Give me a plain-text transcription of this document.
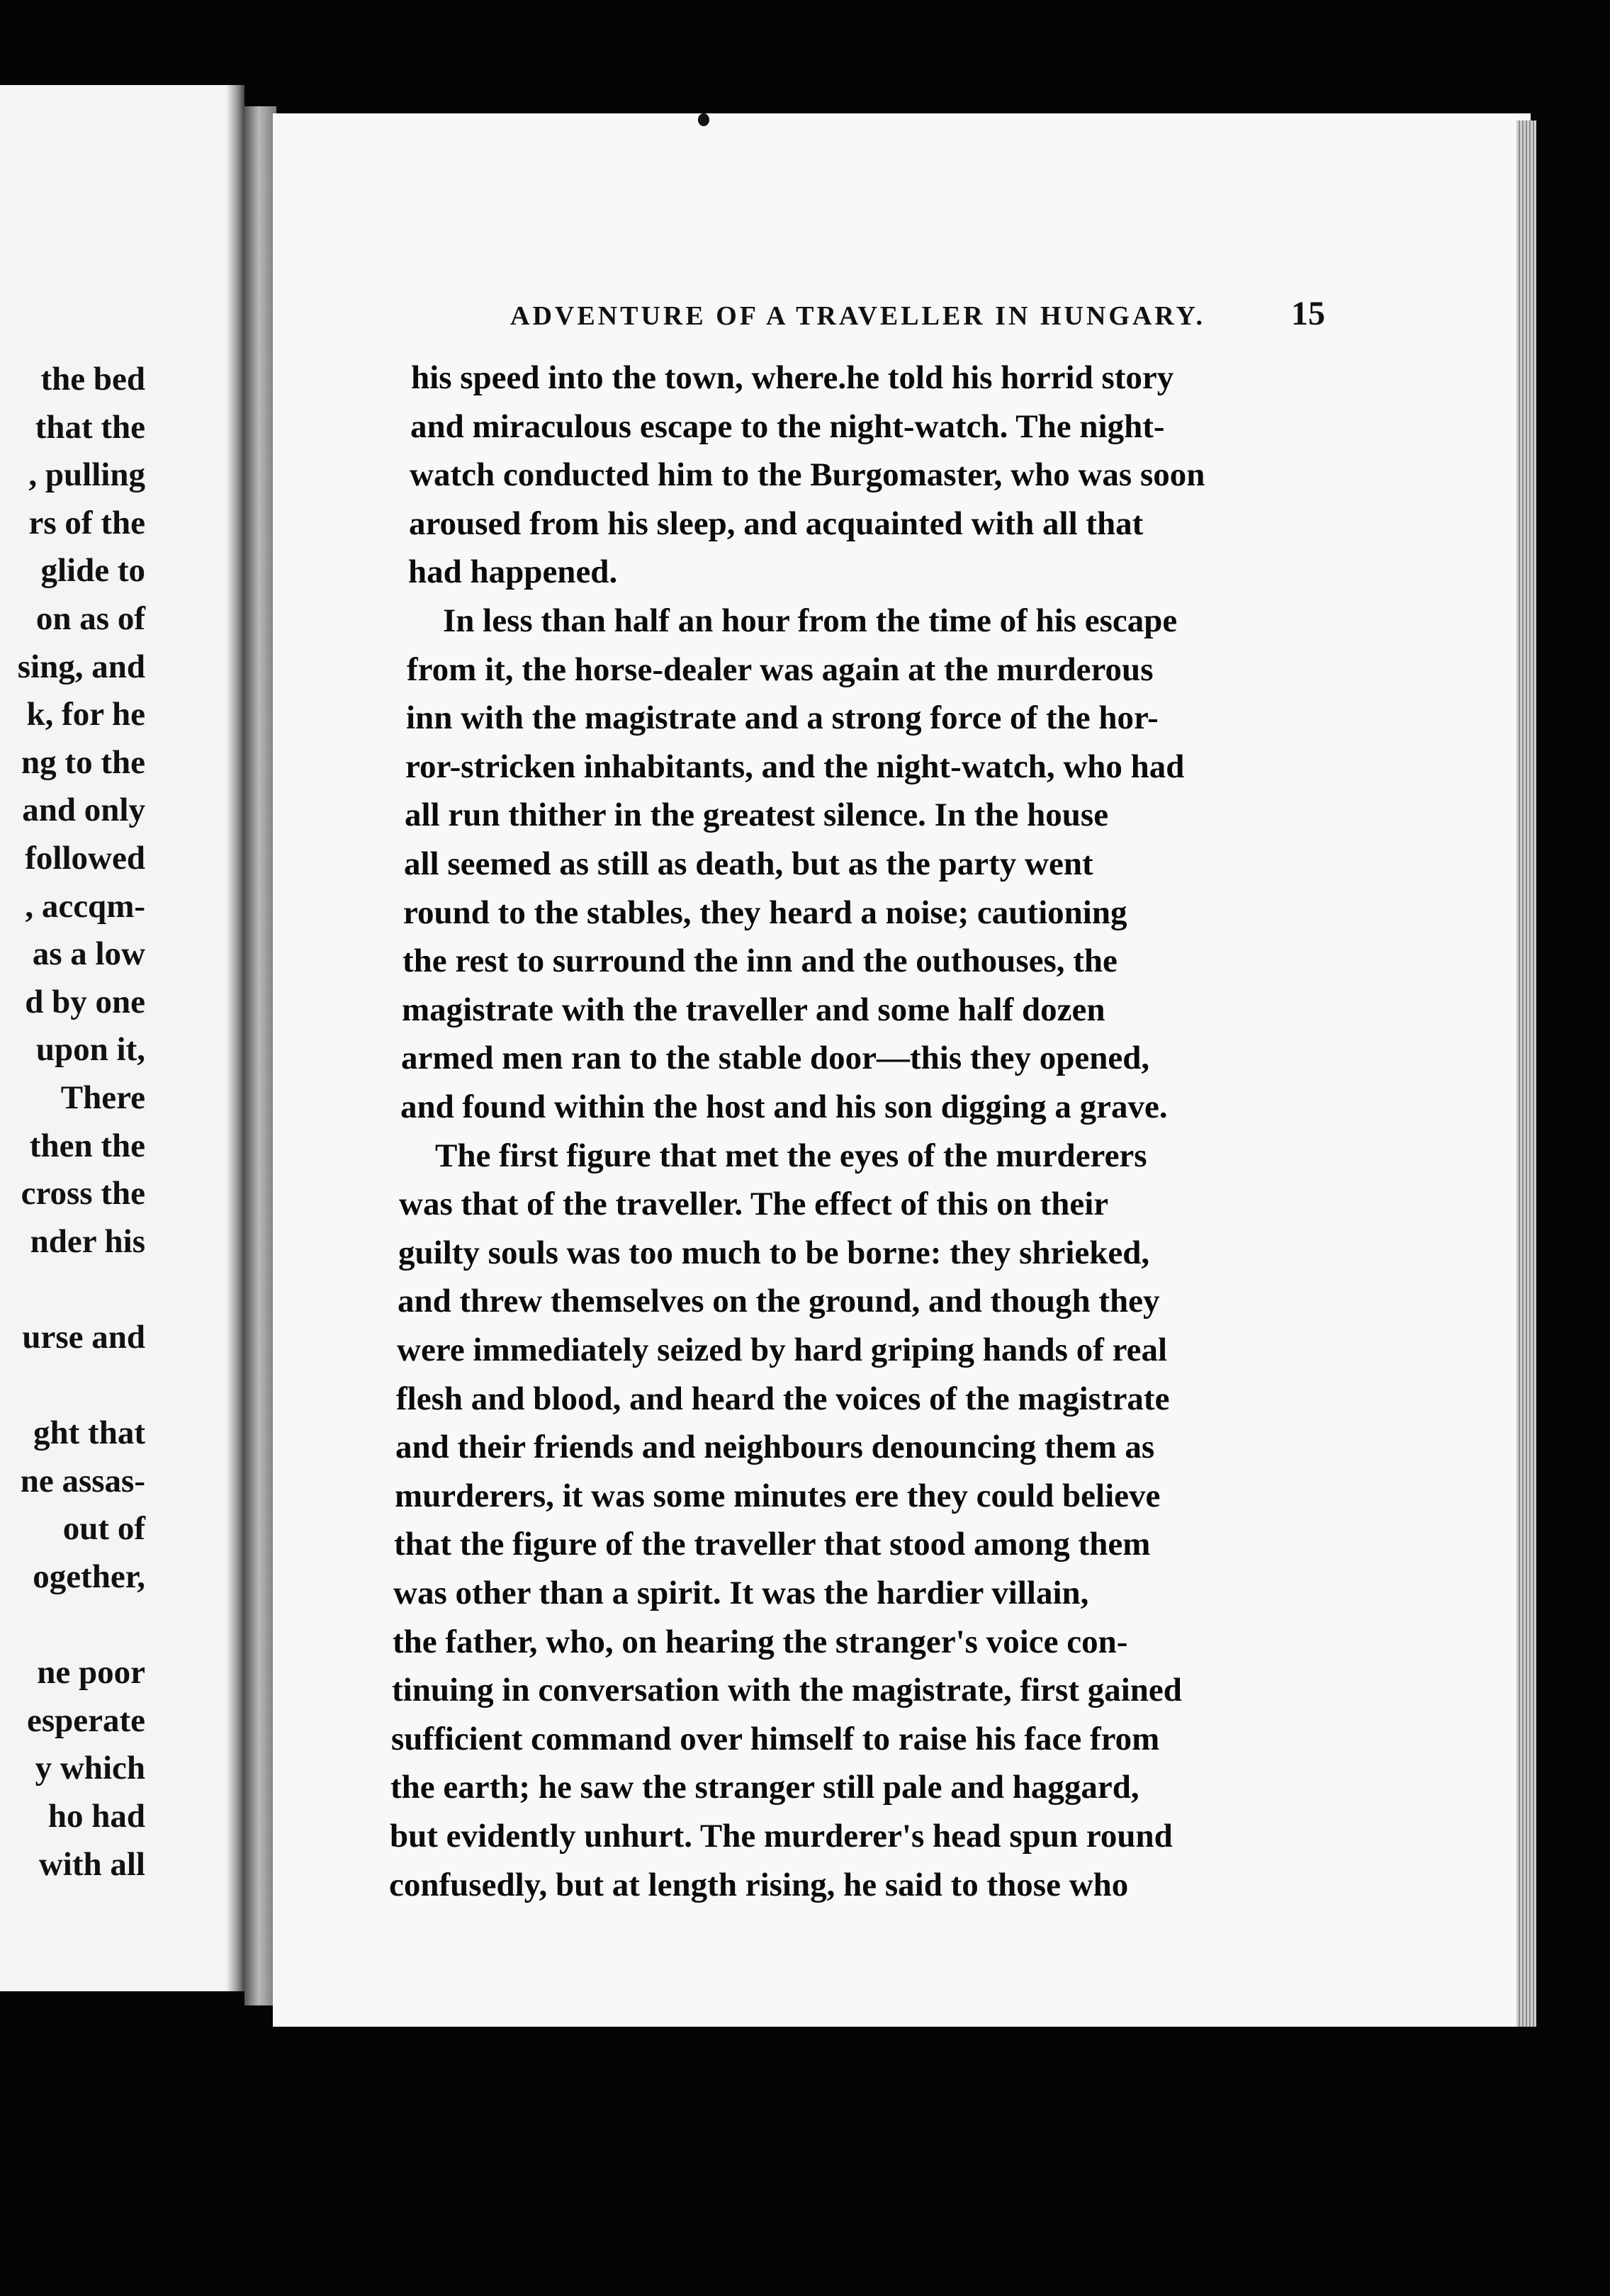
the bed
that the
, pulling
rs of the
glide to
on as of
sing, and
k, for he
ng to the
and only
followed
, accqm-
as a low
d by one
upon it,
There
then the
cross the
nder his
urse and
ght that
ne assas-
out of
ogether,
ne poor
esperate
y which
ho had
with all
ADVENTURE OF A TRAVELLER IN HUNGARY.	15
his speed into the town, where.he told his horrid story
and miraculous escape to the night-watch. The night-
watch conducted him to the Burgomaster, who was soon
aroused from his sleep, and acquainted with all that
had happened.
In less than half an hour from the time of his escape
from it, the horse-dealer was again at the murderous
inn with the magistrate and a strong force of the hor-
ror-stricken inhabitants, and the night-watch, who had
all run thither in the greatest silence. In the house
all seemed as still as death, but as the party went
round to the stables, they heard a noise; cautioning
the rest to surround the inn and the outhouses, the
magistrate with the traveller and some half dozen
armed men ran to the stable door—this they opened,
and found within the host and his son digging a grave.
The first figure that met the eyes of the murderers
was that of the traveller. The effect of this on their
guilty souls was too much to be borne: they shrieked,
and threw themselves on the ground, and though they
were immediately seized by hard griping hands of real
flesh and blood, and heard the voices of the magistrate
and their friends and neighbours denouncing them as
murderers, it was some minutes ere they could believe
that the figure of the traveller that stood among them
was other than a spirit. It was the hardier villain,
the father, who, on hearing the stranger's voice con-
tinuing in conversation with the magistrate, first gained
sufficient command over himself to raise his face from
the earth; he saw the stranger still pale and haggard,
but evidently unhurt. The murderer's head spun round
confusedly, but at length rising, he said to those who
